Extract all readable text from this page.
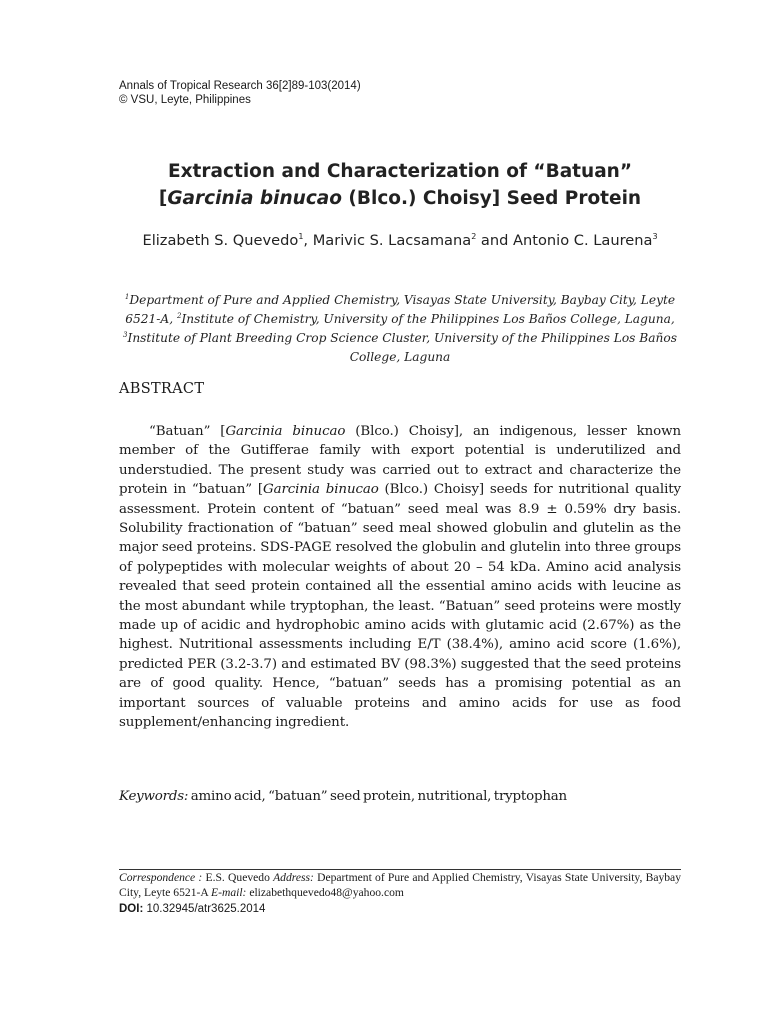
Annals of Tropical Research 36[2]89-103(2014)
© VSU, Leyte, Philippines
Extraction and Characterization of “Batuan”
[Garcinia binucao (Blco.) Choisy] Seed Protein
Elizabeth S. Quevedo$^1$, Marivic S. Lacsamana$^2$ and Antonio C. Laurena$^3$
$^1$Department of Pure and Applied Chemistry, Visayas State University, Baybay City, Leyte 6521-A, $^2$Institute of Chemistry, University of the Philippines Los Baños College, Laguna, $^3$Institute of Plant Breeding Crop Science Cluster, University of the Philippines Los Baños College, Laguna
ABSTRACT

“Batuan” [Garcinia binucao (Blco.) Choisy], an indigenous, lesser known member of the Gutifferae family with export potential is underutilized and understudied. The present study was carried out to extract and characterize the protein in “batuan” [Garcinia binucao (Blco.) Choisy] seeds for nutritional quality assessment. Protein content of “batuan” seed meal was 8.9 ± 0.59% dry basis. Solubility fractionation of “batuan” seed meal showed globulin and glutelin as the major seed proteins. SDS-PAGE resolved the globulin and glutelin into three groups of polypeptides with molecular weights of about 20 – 54 kDa. Amino acid analysis revealed that seed protein contained all the essential amino acids with leucine as the most abundant while tryptophan, the least. “Batuan” seed proteins were mostly made up of acidic and hydrophobic amino acids with glutamic acid (2.67%) as the highest. Nutritional assessments including E/T (38.4%), amino acid score (1.6%), predicted PER (3.2-3.7) and estimated BV (98.3%) suggested that the seed proteins are of good quality. Hence, “batuan” seeds has a promising potential as an important sources of valuable proteins and amino acids for use as food supplement/enhancing ingredient.

Keywords: amino acid, “batuan” seed protein, nutritional, tryptophan
Correspondence : E.S. Quevedo Address: Department of Pure and Applied Chemistry, Visayas State University, Baybay City, Leyte 6521-A E-mail: elizabethquevedo48@yahoo.com
DOI: 10.32945/atr3625.2014
